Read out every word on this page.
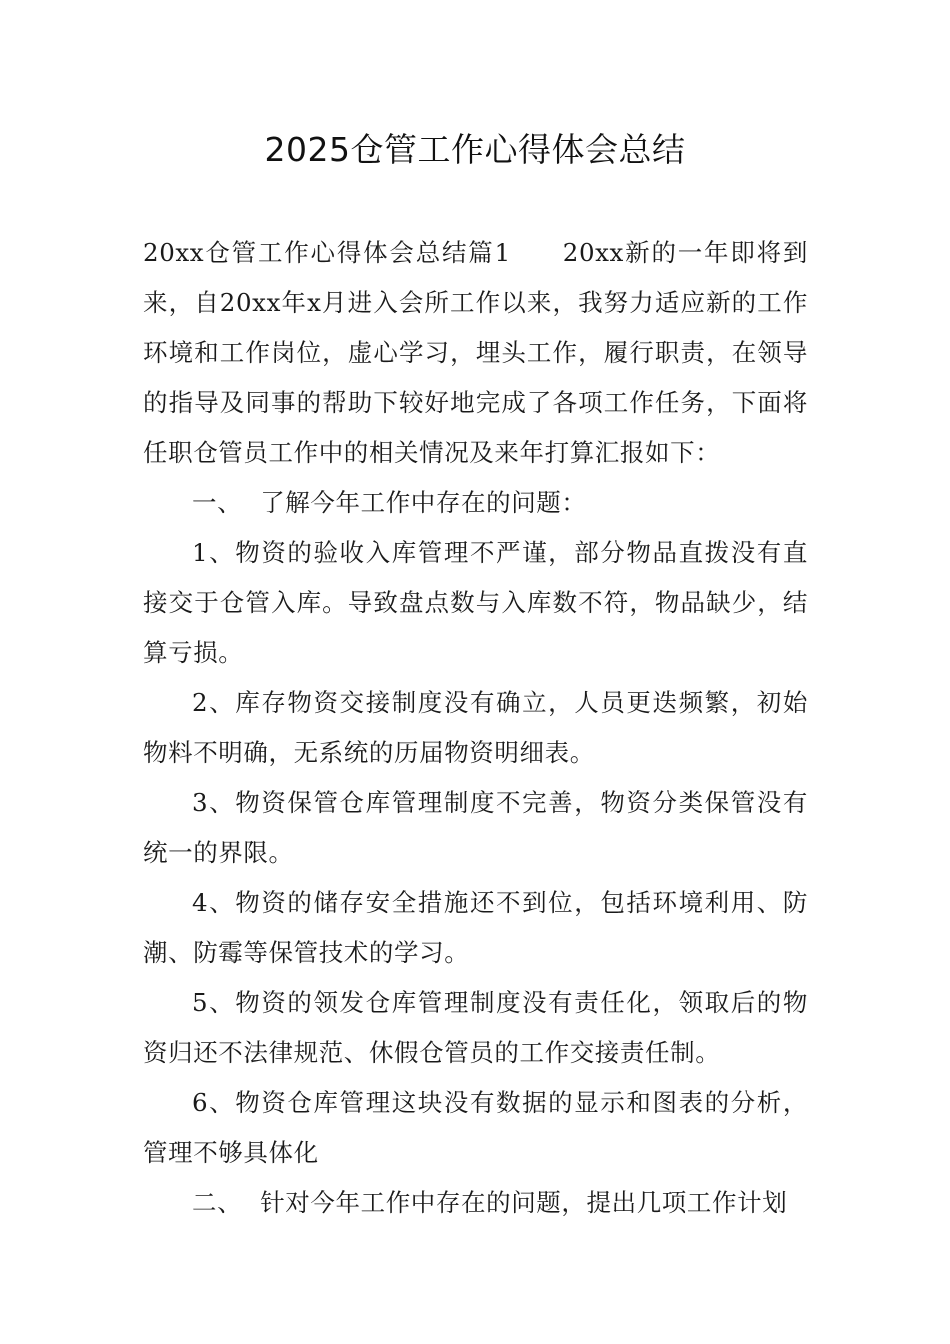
2025仓管工作心得体会总结

20xx仓管工作心得体会总结篇1 20xx新的一年即将到来，自20xx年x月进入会所工作以来，我努力适应新的工作环境和工作岗位，虚心学习，埋头工作，履行职责，在领导的指导及同事的帮助下较好地完成了各项工作任务，下面将任职仓管员工作中的相关情况及来年打算汇报如下：

一、 了解今年工作中存在的问题：

1、物资的验收入库管理不严谨，部分物品直拨没有直接交于仓管入库。导致盘点数与入库数不符，物品缺少，结算亏损。

2、库存物资交接制度没有确立，人员更迭频繁，初始物料不明确，无系统的历届物资明细表。

3、物资保管仓库管理制度不完善，物资分类保管没有统一的界限。

4、物资的储存安全措施还不到位，包括环境利用、防潮、防霉等保管技术的学习。

5、物资的领发仓库管理制度没有责任化，领取后的物资归还不法律规范、休假仓管员的工作交接责任制。

6、物资仓库管理这块没有数据的显示和图表的分析，管理不够具体化

二、 针对今年工作中存在的问题，提出几项工作计划
